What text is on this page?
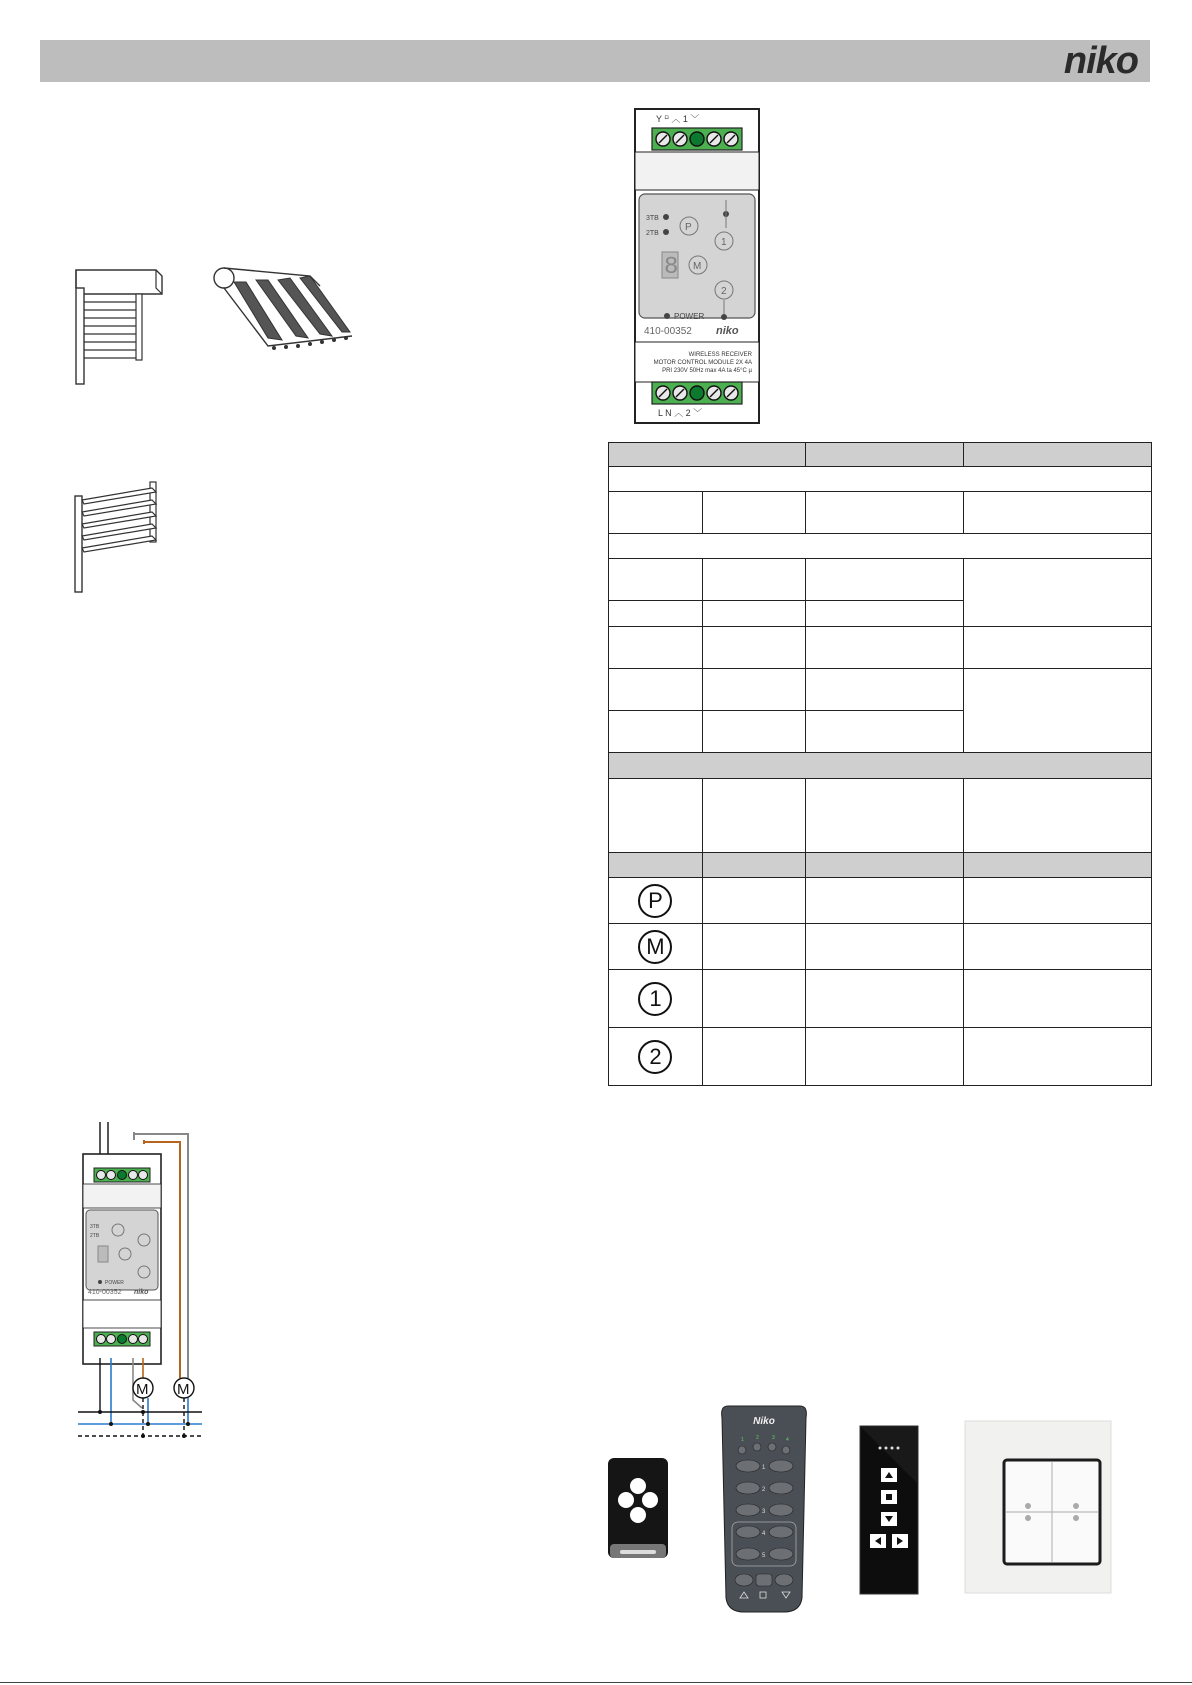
niko
Y ⸋ ︿ 1 ﹀
3TB
2TB
P
8 M
1
2
POWER
410-00352 niko
WIRELESS RECEIVER
MOTOR CONTROL MODULE 2X 4A
PRI 230V 50Hz max 4A ta 45°C µ
L N ︿ 2 ﹀

P			

M			

1			

2			

3TB
2TB
POWER
410-00352 niko
M M
Niko
1 2	3 4
1
2
3
4
5
